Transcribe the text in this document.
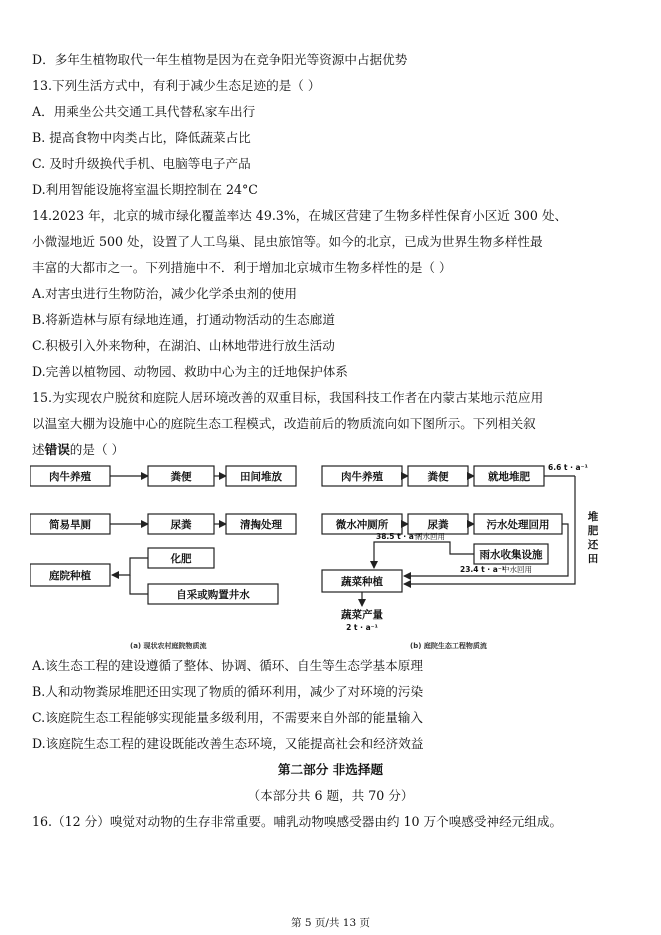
D．多年生植物取代一年生植物是因为在竞争阳光等资源中占据优势
13.下列生活方式中，有利于减少生态足迹的是（ ）
A．用乘坐公共交通工具代替私家车出行
B. 提高食物中肉类占比，降低蔬菜占比
C. 及时升级换代手机、电脑等电子产品
D.利用智能设施将室温长期控制在 24°C
14.2023 年，北京的城市绿化覆盖率达 49.3%，在城区营建了生物多样性保育小区近 300 处、
小微湿地近 500 处，设置了人工鸟巢、昆虫旅馆等。如今的北京，已成为世界生物多样性最
丰富的大都市之一。下列措施中不．利于增加北京城市生物多样性的是（ ）
A.对害虫进行生物防治，减少化学杀虫剂的使用
B.将新造林与原有绿地连通，打通动物活动的生态廊道
C.积极引入外来物种，在湖泊、山林地带进行放生活动
D.完善以植物园、动物园、救助中心为主的迁地保护体系
15.为实现农户脱贫和庭院人居环境改善的双重目标，我国科技工作者在内蒙古某地示范应用
以温室大棚为设施中心的庭院生态工程模式，改造前后的物质流向如下图所示。下列相关叙
述错误的是（ ）
肉牛养殖	粪便	田间堆放
简易旱厕	尿粪	清掏处理
庭院种植
化肥
自采或购置井水
(a) 现状农村庭院物质流
肉牛养殖	粪便	就地堆肥
6.6 t · a⁻¹
微水冲厕所	尿粪	污水处理回用
雨水收集设施
蔬菜种植
堆
肥
还
田
38.5 t · a⁻¹
雨水回用
23.4 t · a⁻¹
中水回用
蔬菜产量
2 t · a⁻¹
(b) 庭院生态工程物质流
A.该生态工程的建设遵循了整体、协调、循环、自生等生态学基本原理
B.人和动物粪尿堆肥还田实现了物质的循环利用，减少了对环境的污染
C.该庭院生态工程能够实现能量多级利用，不需要来自外部的能量输入
D.该庭院生态工程的建设既能改善生态环境，又能提高社会和经济效益
第二部分 非选择题
（本部分共 6 题，共 70 分）
16.（12 分）嗅觉对动物的生存非常重要。哺乳动物嗅感受器由约 10 万个嗅感受神经元组成。
第 5 页/共 13 页
